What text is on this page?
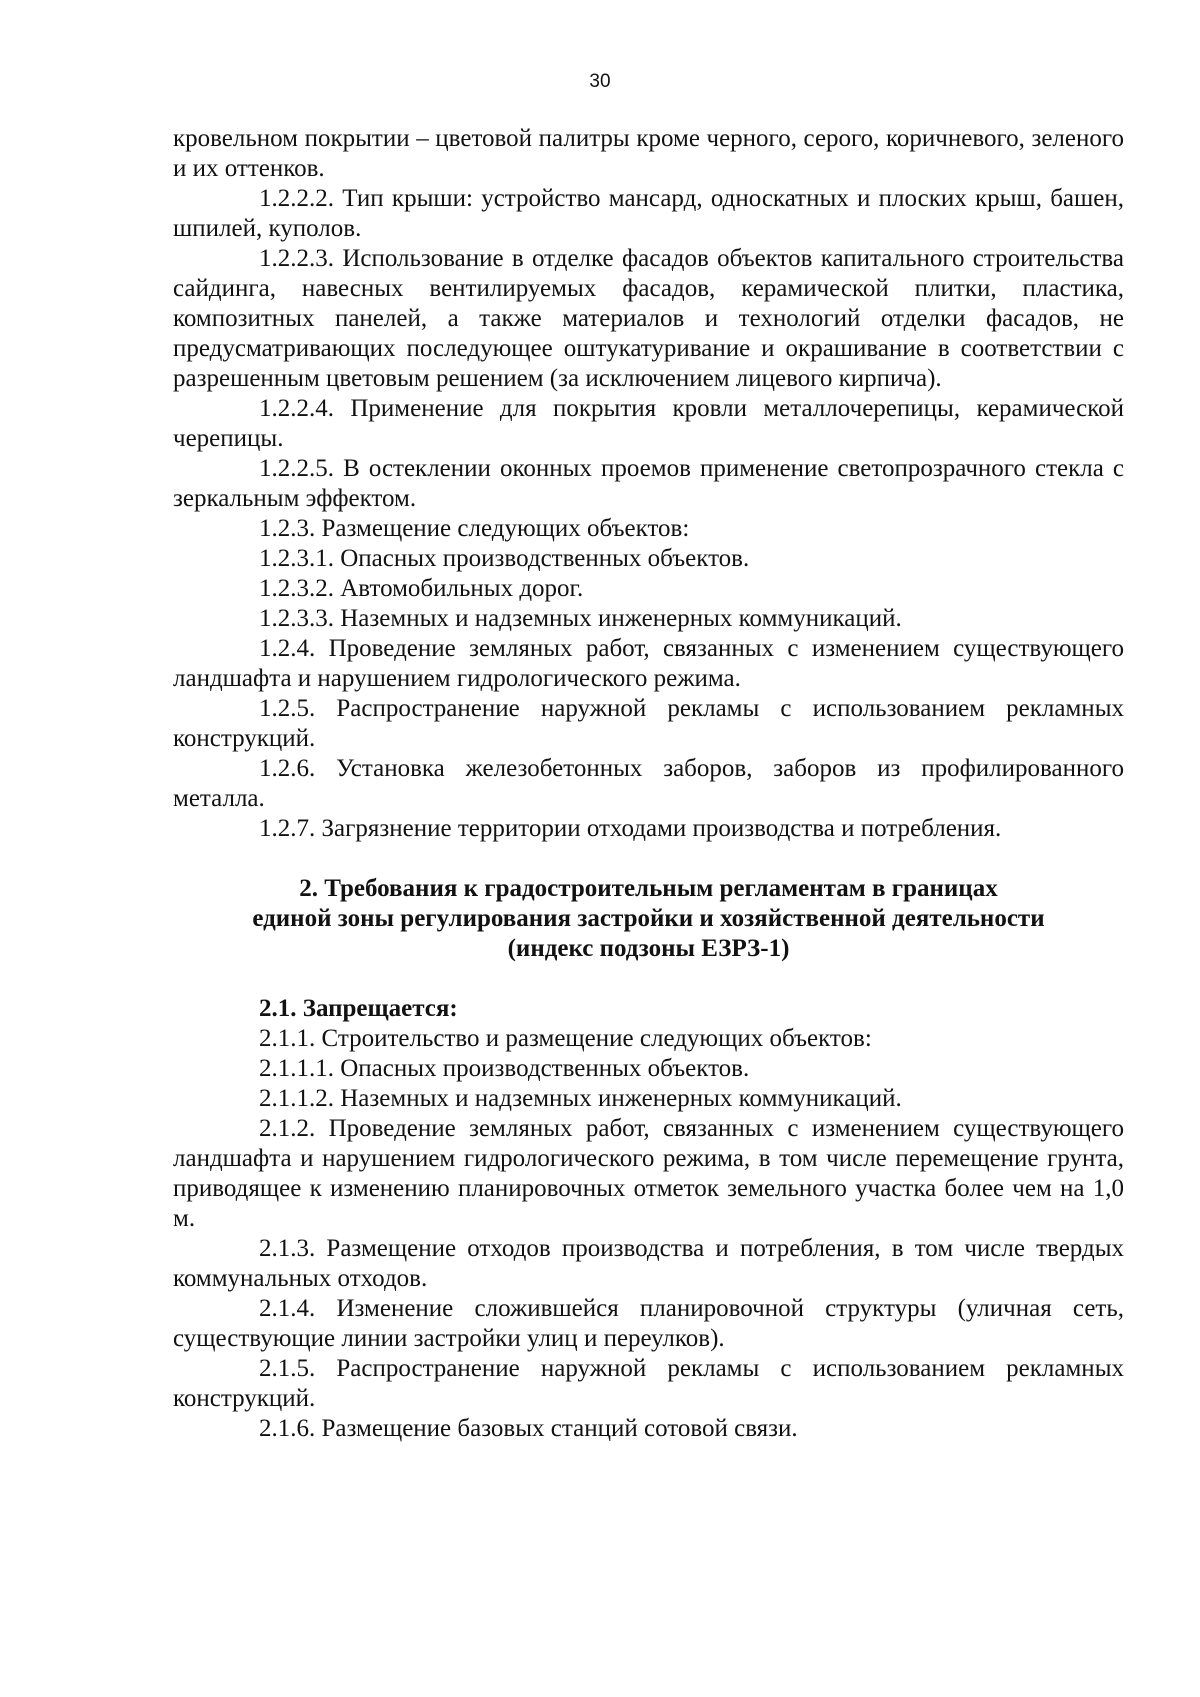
30

кровельном покрытии – цветовой палитры кроме черного, серого, коричневого, зеленого и их оттенков.

1.2.2.2. Тип крыши: устройство мансард, односкатных и плоских крыш, башен, шпилей, куполов.

1.2.2.3. Использование в отделке фасадов объектов капитального строительства сайдинга, навесных вентилируемых фасадов, керамической плитки, пластика, композитных панелей, а также материалов и технологий отделки фасадов, не предусматривающих последующее оштукатуривание и окрашивание в соответствии с разрешенным цветовым решением (за исключением лицевого кирпича).

1.2.2.4. Применение для покрытия кровли металлочерепицы, керамической черепицы.

1.2.2.5. В остеклении оконных проемов применение светопрозрачного стекла с зеркальным эффектом.

1.2.3. Размещение следующих объектов:

1.2.3.1. Опасных производственных объектов.

1.2.3.2. Автомобильных дорог.

1.2.3.3. Наземных и надземных инженерных коммуникаций.

1.2.4. Проведение земляных работ, связанных с изменением существующего ландшафта и нарушением гидрологического режима.

1.2.5. Распространение наружной рекламы с использованием рекламных конструкций.

1.2.6. Установка железобетонных заборов, заборов из профилированного металла.

1.2.7. Загрязнение территории отходами производства и потребления.

2. Требования к градостроительным регламентам в границах

единой зоны регулирования застройки и хозяйственной деятельности

(индекс подзоны ЕЗРЗ-1)

2.1. Запрещается:

2.1.1. Строительство и размещение следующих объектов:

2.1.1.1. Опасных производственных объектов.

2.1.1.2. Наземных и надземных инженерных коммуникаций.

2.1.2. Проведение земляных работ, связанных с изменением существующего ландшафта и нарушением гидрологического режима, в том числе перемещение грунта, приводящее к изменению планировочных отметок земельного участка более чем на 1,0 м.

2.1.3. Размещение отходов производства и потребления, в том числе твердых коммунальных отходов.

2.1.4. Изменение сложившейся планировочной структуры (уличная сеть, существующие линии застройки улиц и переулков).

2.1.5. Распространение наружной рекламы с использованием рекламных конструкций.

2.1.6. Размещение базовых станций сотовой связи.
